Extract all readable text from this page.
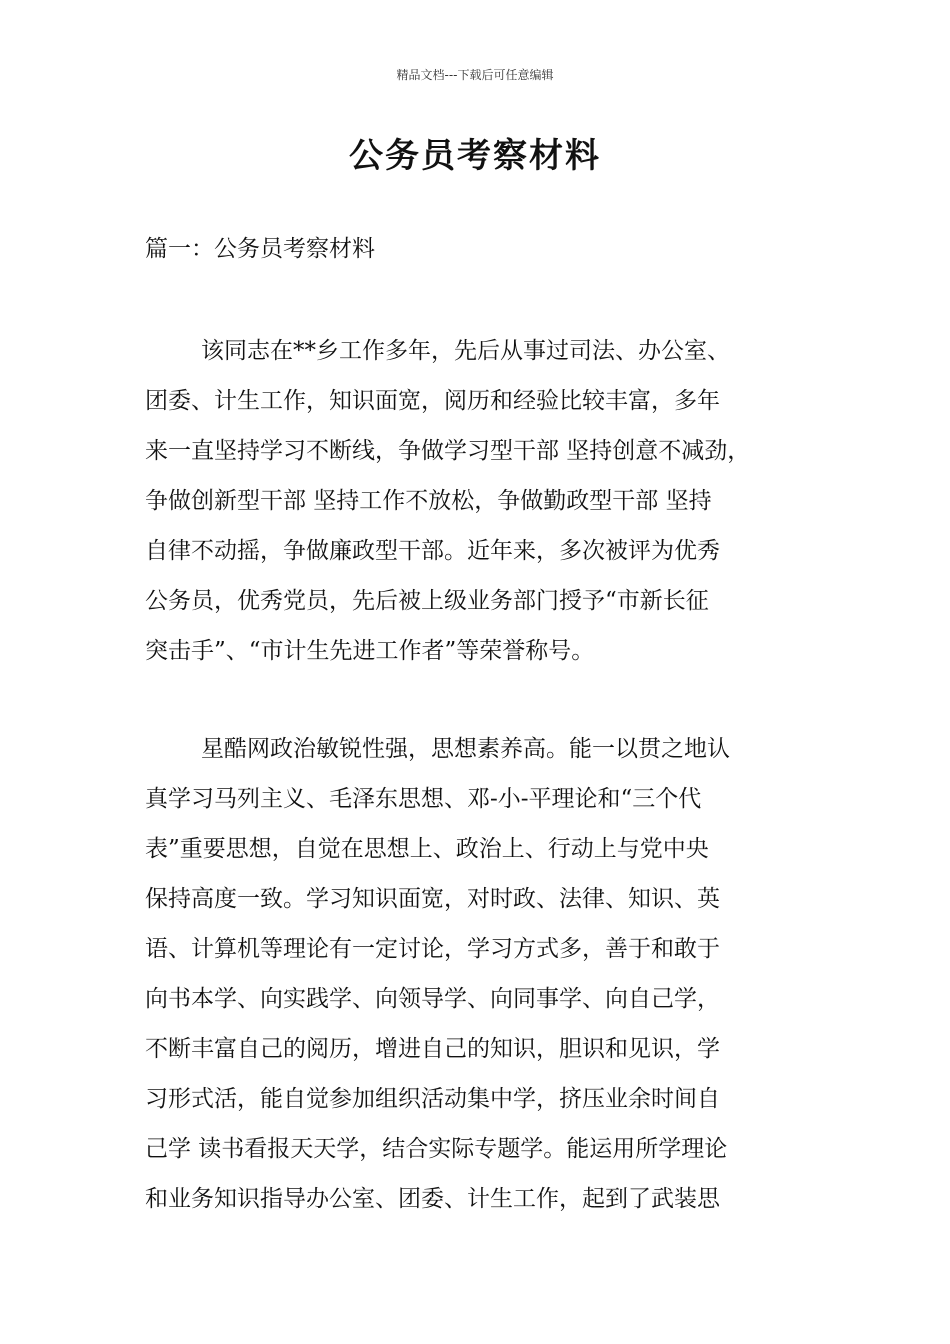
精品文档---下载后可任意编辑
公务员考察材料
篇一：公务员考察材料
该同志在**乡工作多年，先后从事过司法、办公室、
团委、计生工作，知识面宽，阅历和经验比较丰富，多年
来一直坚持学习不断线，争做学习型干部 坚持创意不减劲，
争做创新型干部 坚持工作不放松，争做勤政型干部 坚持
自律不动摇，争做廉政型干部。近年来，多次被评为优秀
公务员，优秀党员，先后被上级业务部门授予“市新长征
突击手”、“市计生先进工作者”等荣誉称号。
星酷网政治敏锐性强，思想素养高。能一以贯之地认
真学习马列主义、毛泽东思想、邓-小-平理论和“三个代
表”重要思想，自觉在思想上、政治上、行动上与党中央
保持高度一致。学习知识面宽，对时政、法律、知识、英
语、计算机等理论有一定讨论，学习方式多，善于和敢于
向书本学、向实践学、向领导学、向同事学、向自己学，
不断丰富自己的阅历，增进自己的知识，胆识和见识，学
习形式活，能自觉参加组织活动集中学，挤压业余时间自
己学 读书看报天天学，结合实际专题学。能运用所学理论
和业务知识指导办公室、团委、计生工作，起到了武装思
